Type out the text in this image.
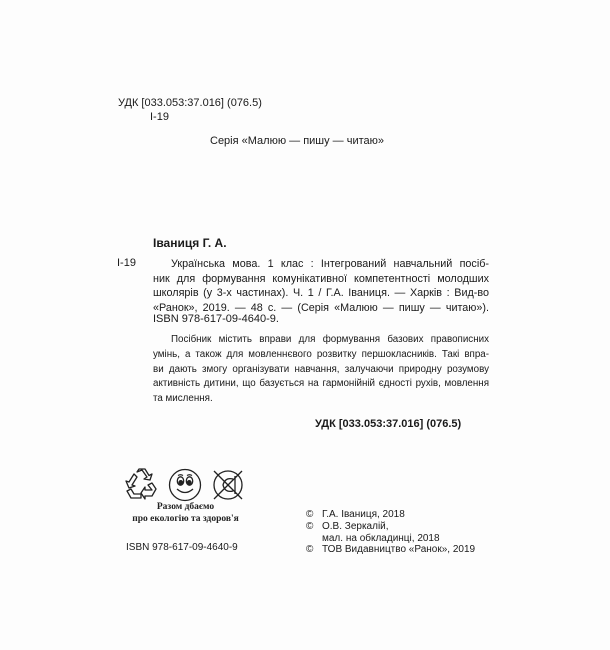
УДК [033.053:37.016] (076.5)
І-19
Серія «Малюю — пишу — читаю»
Іваниця Г. А.
І-19	Українська мова. 1 клас : Інтегрований навчальний посіб-
ник для формування комунікативної компетентності молодших
школярів (у 3-х частинах). Ч. 1 / Г.А. Іваниця. — Харків : Вид-во
«Ранок», 2019. — 48 с. — (Серія «Малюю — пишу — читаю»).
ISBN 978-617-09-4640-9.
Посібник містить вправи для формування базових правописних
умінь, а також для мовленнєвого розвитку першокласників. Такі впра-
ви дають змогу організувати навчання, залучаючи природну розумову
активність дитини, що базується на гармонійній єдності рухів, мовлення
та мислення.
УДК [033.053:37.016] (076.5)
Разом дбаємо
про екологію та здоров'я
ISBN 978-617-09-4640-9
© Г.А. Іваниця, 2018
© О.В. Зеркалій,
мал. на обкладинці, 2018
© ТОВ Видавництво «Ранок», 2019
